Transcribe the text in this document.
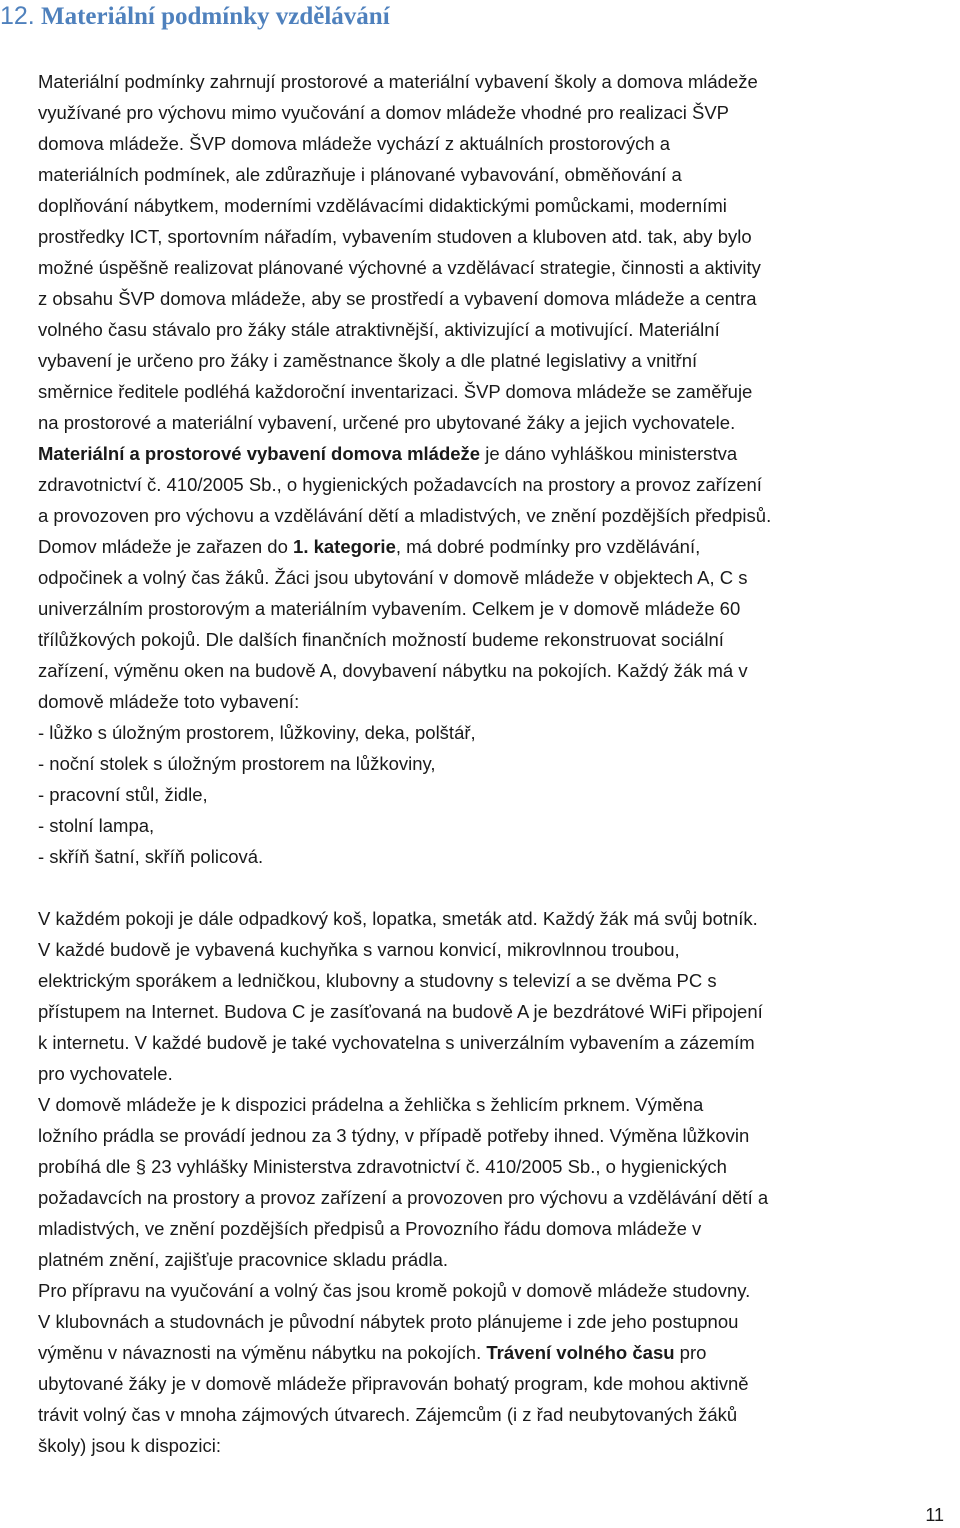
12. Materiální podmínky vzdělávání
Materiální podmínky zahrnují prostorové a materiální vybavení školy a domova mládeže
využívané pro výchovu mimo vyučování a domov mládeže vhodné pro realizaci ŠVP
domova mládeže. ŠVP domova mládeže vychází z aktuálních prostorových a
materiálních podmínek, ale zdůrazňuje i plánované vybavování, obměňování a
doplňování nábytkem, moderními vzdělávacími didaktickými pomůckami, moderními
prostředky ICT, sportovním nářadím, vybavením studoven a kluboven atd. tak, aby bylo
možné úspěšně realizovat plánované výchovné a vzdělávací strategie, činnosti a aktivity
z obsahu ŠVP domova mládeže, aby se prostředí a vybavení domova mládeže a centra
volného času stávalo pro žáky stále atraktivnější, aktivizující a motivující. Materiální
vybavení je určeno pro žáky i zaměstnance školy a dle platné legislativy a vnitřní
směrnice ředitele podléhá každoroční inventarizaci. ŠVP domova mládeže se zaměřuje
na prostorové a materiální vybavení, určené pro ubytované žáky a jejich vychovatele.
Materiální a prostorové vybavení domova mládeže je dáno vyhláškou ministerstva
zdravotnictví č. 410/2005 Sb., o hygienických požadavcích na prostory a provoz zařízení
a provozoven pro výchovu a vzdělávání dětí a mladistvých, ve znění pozdějších předpisů.
Domov mládeže je zařazen do 1. kategorie, má dobré podmínky pro vzdělávání,
odpočinek a volný čas žáků. Žáci jsou ubytování v domově mládeže v objektech A, C s
univerzálním prostorovým a materiálním vybavením. Celkem je v domově mládeže 60
třílůžkových pokojů. Dle dalších finančních možností budeme rekonstruovat sociální
zařízení, výměnu oken na budově A, dovybavení nábytku na pokojích. Každý žák má v
domově mládeže toto vybavení:
- lůžko s úložným prostorem, lůžkoviny, deka, polštář,
- noční stolek s úložným prostorem na lůžkoviny,
- pracovní stůl, židle,
- stolní lampa,
- skříň šatní, skříň policová.
V každém pokoji je dále odpadkový koš, lopatka, smeták atd. Každý žák má svůj botník.
V každé budově je vybavená kuchyňka s varnou konvicí, mikrovlnnou troubou,
elektrickým sporákem a ledničkou, klubovny a studovny s televizí a se dvěma PC s
přístupem na Internet. Budova C je zasíťovaná na budově A je bezdrátové WiFi připojení
k internetu. V každé budově je také vychovatelna s univerzálním vybavením a zázemím
pro vychovatele.
V domově mládeže je k dispozici prádelna a žehlička s žehlicím prknem. Výměna
ložního prádla se provádí jednou za 3 týdny, v případě potřeby ihned. Výměna lůžkovin
probíhá dle § 23 vyhlášky Ministerstva zdravotnictví č. 410/2005 Sb., o hygienických
požadavcích na prostory a provoz zařízení a provozoven pro výchovu a vzdělávání dětí a
mladistvých, ve znění pozdějších předpisů a Provozního řádu domova mládeže v
platném znění, zajišťuje pracovnice skladu prádla.
Pro přípravu na vyučování a volný čas jsou kromě pokojů v domově mládeže studovny.
V klubovnách a studovnách je původní nábytek proto plánujeme i zde jeho postupnou
výměnu v návaznosti na výměnu nábytku na pokojích. Trávení volného času pro
ubytované žáky je v domově mládeže připravován bohatý program, kde mohou aktivně
trávit volný čas v mnoha zájmových útvarech. Zájemcům (i z řad neubytovaných žáků
školy) jsou k dispozici:
11
